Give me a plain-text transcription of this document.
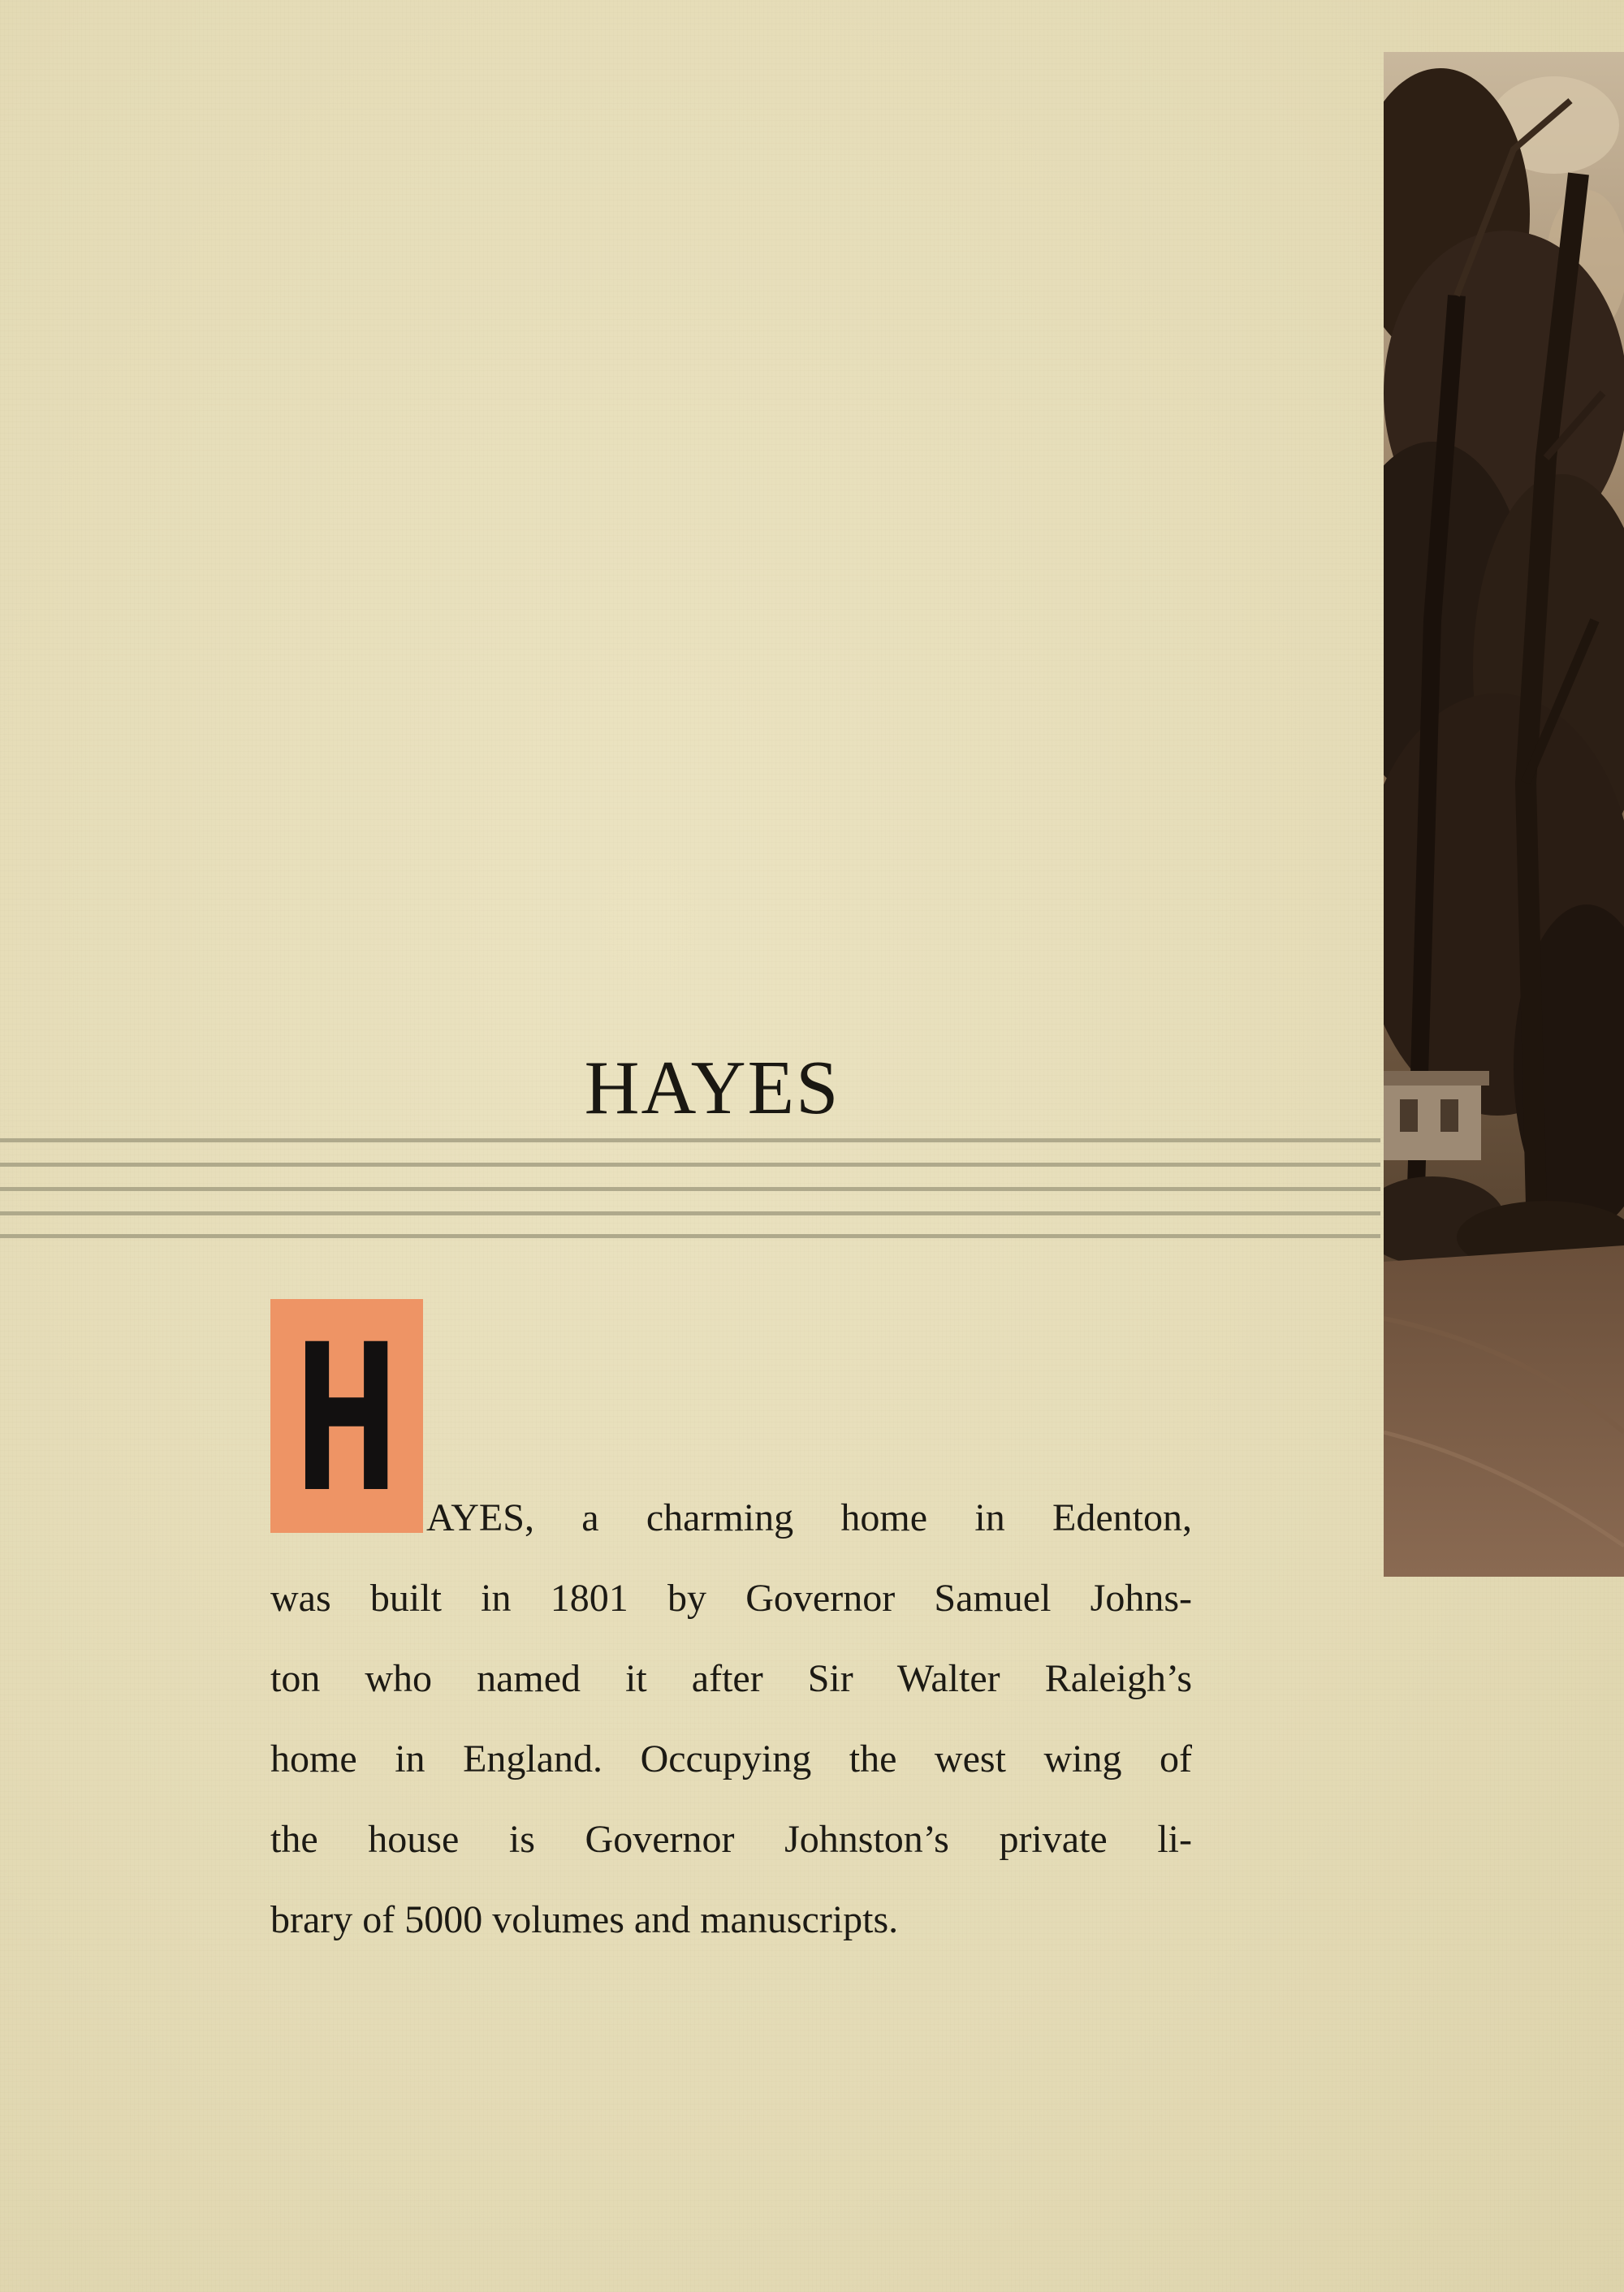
HAYES
H AYES, a charming home in Edenton,
was built in 1801 by Governor Samuel Johns-
ton who named it after Sir Walter Raleigh’s
home in England. Occupying the west wing of
the house is Governor Johnston’s private li-
brary of 5000 volumes and manuscripts.
